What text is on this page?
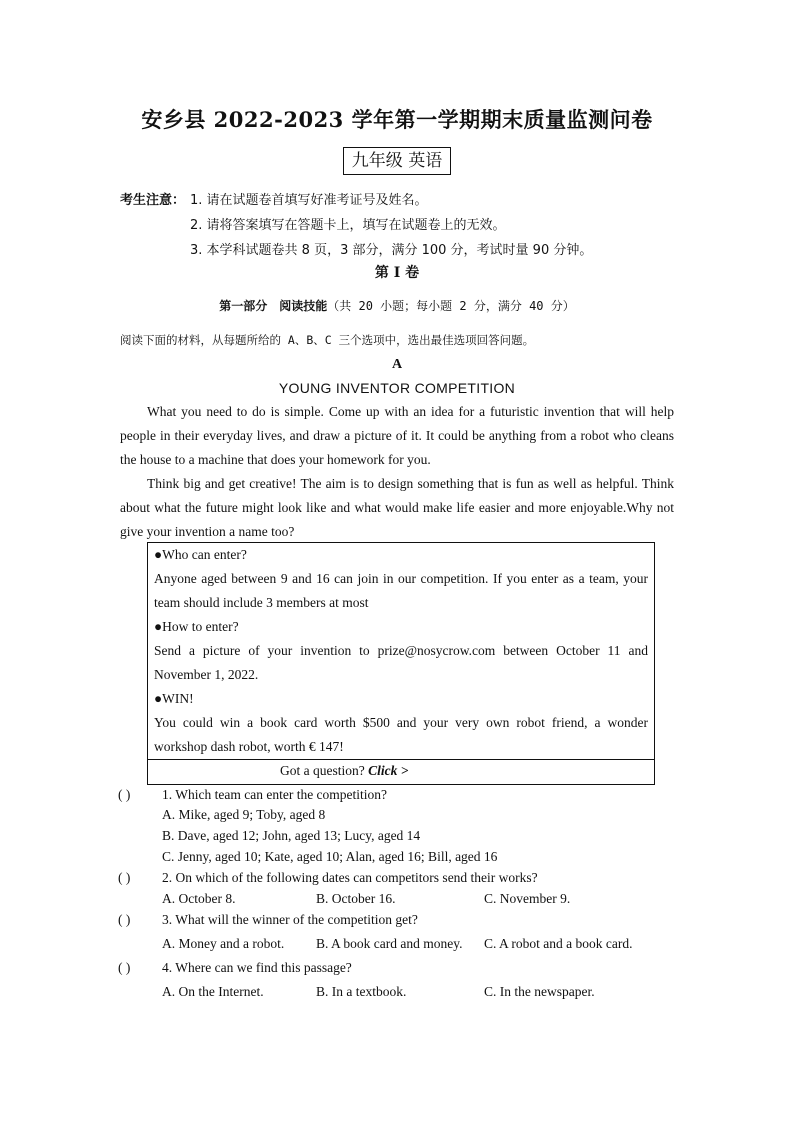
安乡县 2022-2023 学年第一学期期末质量监测问卷
九年级 英语
考生注意： 1. 请在试题卷首填写好准考证号及姓名。
2. 请将答案填写在答题卡上，填写在试题卷上的无效。
3. 本学科试题卷共 8 页，3 部分，满分 100 分，考试时量 90 分钟。
第 I 卷
第一部分　阅读技能（共 20 小题；每小题 2 分，满分 40 分）
阅读下面的材料，从每题所给的 A、B、C 三个选项中，选出最佳选项回答问题。
A
YOUNG INVENTOR COMPETITION
What you need to do is simple. Come up with an idea for a futuristic invention that will help people in their everyday lives, and draw a picture of it. It could be anything from a robot who cleans the house to a machine that does your homework for you.
Think big and get creative! The aim is to design something that is fun as well as helpful. Think about what the future might look like and what would make life easier and more enjoyable.Why not give your invention a name too?
●Who can enter?
Anyone aged between 9 and 16 can join in our competition. If you enter as a team, your team should include 3 members at most
●How to enter?
Send a picture of your invention to prize@nosycrow.com between October 11 and November 1, 2022.
●WIN!
You could win a book card worth $500 and your very own robot friend, a wonder workshop dash robot, worth € 147!
Got a question? Click >
( ) 1. Which team can enter the competition?
A. Mike, aged 9; Toby, aged 8
B. Dave, aged 12; John, aged 13; Lucy, aged 14
C. Jenny, aged 10; Kate, aged 10; Alan, aged 16; Bill, aged 16
( ) 2. On which of the following dates can competitors send their works?
A. October 8.	B. October 16.	C. November 9.
( ) 3. What will the winner of the competition get?
A. Money and a robot. B. A book card and money. C. A robot and a book card.
( ) 4. Where can we find this passage?
A. On the Internet.	B. In a textbook.	C. In the newspaper.
